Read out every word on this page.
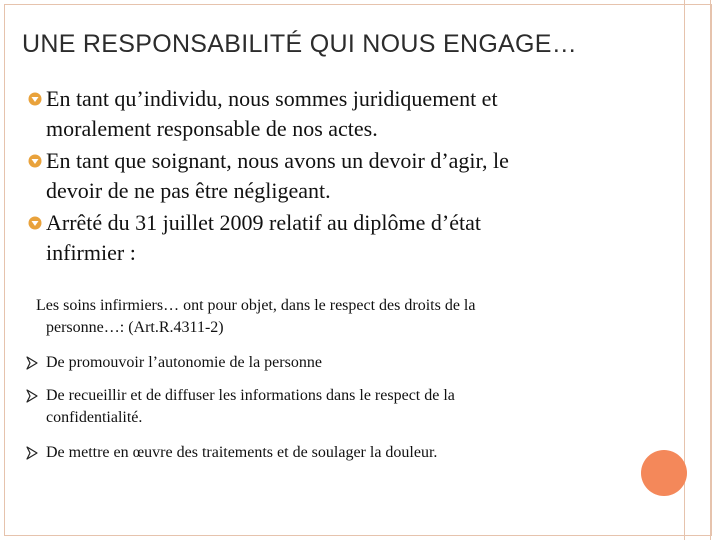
UNE RESPONSABILITÉ QUI NOUS ENGAGE…
En tant qu’individu, nous sommes juridiquement et
moralement responsable de nos actes.
En tant que soignant, nous avons un devoir d’agir, le
devoir de ne pas être négligeant.
Arrêté du 31 juillet 2009 relatif au diplôme d’état
infirmier :
Les soins infirmiers… ont pour objet, dans le respect des droits de la
personne…: (Art.R.4311-2)
De promouvoir l’autonomie de la personne
De recueillir et de diffuser les informations dans le respect de la
confidentialité.
De mettre en œuvre des traitements et de soulager la douleur.
